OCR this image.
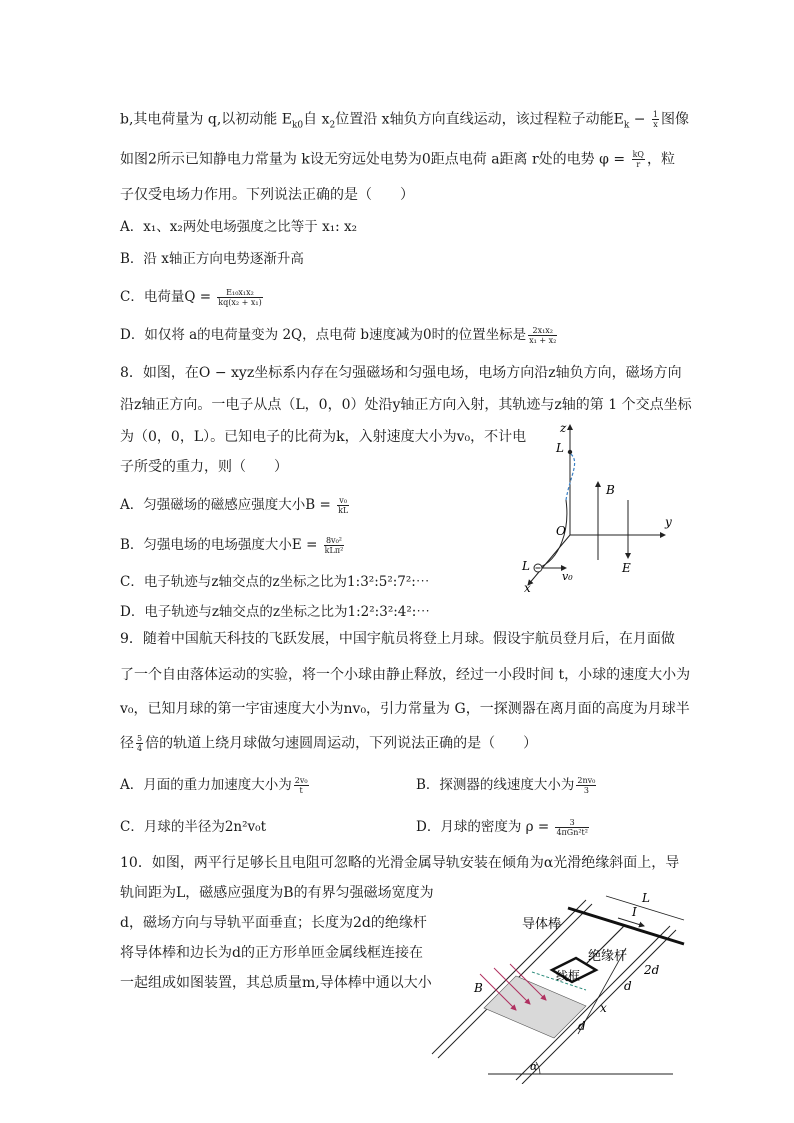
b,其电荷量为 q,以初动能 $E_{k0}$自 $x_2$位置沿 x轴负方向直线运动，该过程粒子动能$E_k - \frac{1}{x}$ 图像
如图2所示已知静电力常量为 k设无穷远处电势为0距点电荷 a距离 r处的电势 $\varphi = \frac{kQ}{r}$ ，粒
子仅受电场力作用。下列说法正确的是（　　）
A．x₁、x₂两处电场强度之比等于 x₁: x₂
B．沿 x轴正方向电势逐渐升高
C．电荷量$Q = \frac{\text{E₁₀x₁x₂}}{\text{kq(x₂ + x₁)}}$
D．如仅将 a的电荷量变为 2Q，点电荷 b速度减为0时的位置坐标是 $\frac{\text{2x₁x₂}}{\text{x₁ + x₂}}$
8．如图，在O − xyz坐标系内存在匀强磁场和匀强电场，电场方向沿z轴负方向，磁场方向
沿z轴正方向。一电子从点（L，0，0）处沿y轴正方向入射，其轨迹与z轴的第 1 个交点坐标
为（0，0，L）。已知电子的比荷为k，入射速度大小为v₀，不计电
子所受的重力，则（　　）
A．匀强磁场的磁感应强度大小$B = \frac{\text{v₀}}{kL}$
B．匀强电场的电场强度大小$E = \frac{\text{8v₀²}}{\text{kLπ²}}$
C．电子轨迹与z轴交点的z坐标之比为1:3²:5²:7²:⋯
D．电子轨迹与z轴交点的z坐标之比为1:2²:3²:4²:⋯
z
L
B
O
y
L
v₀
x
E
9．随着中国航天科技的飞跃发展，中国宇航员将登上月球。假设宇航员登月后，在月面做
了一个自由落体运动的实验，将一个小球由静止释放，经过一小段时间 t，小球的速度大小为
v₀，已知月球的第一宇宙速度大小为nv₀，引力常量为 G，一探测器在离月面的高度为月球半
径 $\frac{5}{4}$ 倍的轨道上绕月球做匀速圆周运动，下列说法正确的是（　　）
A．月面的重力加速度大小为 $\frac{\text{2v₀}}{t}$	B．探测器的线速度大小为 $\frac{\text{2nv₀}}{3}$
C．月球的半径为2n²v₀t	D．月球的密度为 $\rho = \frac{3}{\text{4πGn²t²}}$
10．如图，两平行足够长且电阻可忽略的光滑金属导轨安装在倾角为α光滑绝缘斜面上，导
轨间距为L，磁感应强度为B的有界匀强磁场宽度为
d，磁场方向与导轨平面垂直；长度为2d的绝缘杆
将导体棒和边长为d的正方形单匝金属线框连接在
一起组成如图装置，其总质量m,导体棒中通以大小
导体棒
绝缘杆
线框
L
I
2d
d
x
d
B
α
